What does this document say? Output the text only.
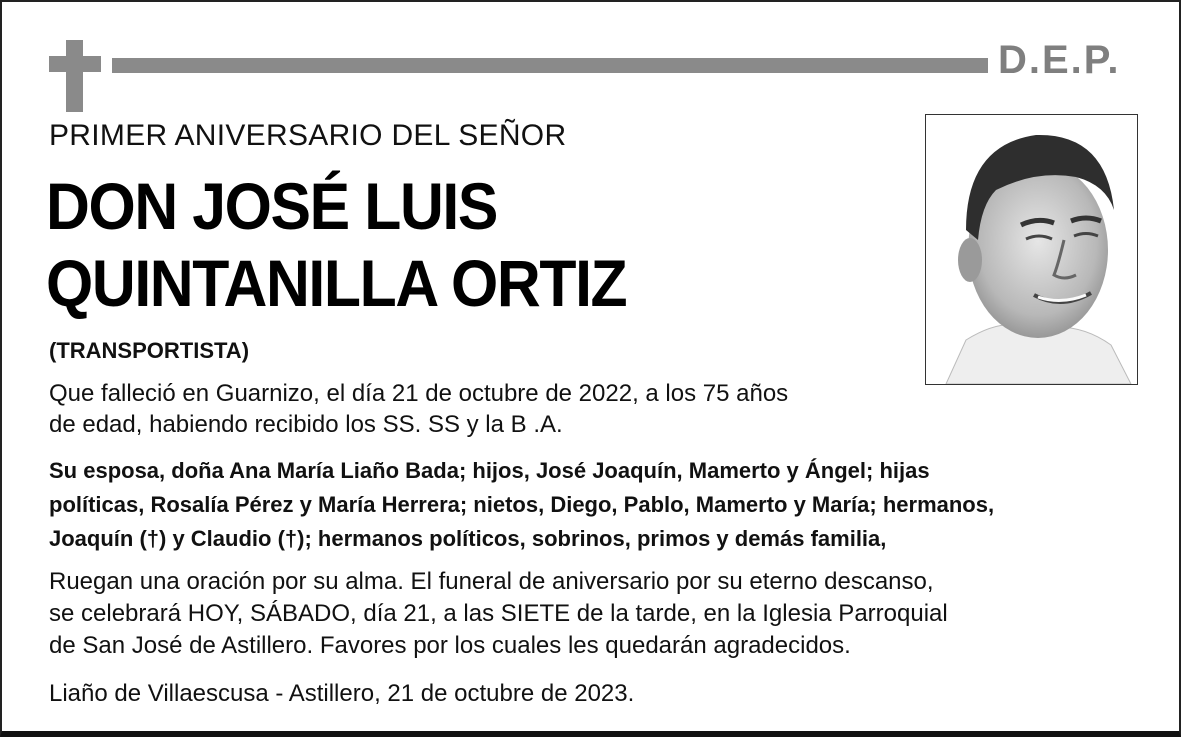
D.E.P.
PRIMER ANIVERSARIO DEL SEÑOR
DON JOSÉ LUIS
QUINTANILLA ORTIZ
(TRANSPORTISTA)
Que falleció en Guarnizo, el día 21 de octubre de 2022, a los 75 años
de edad, habiendo recibido los SS. SS y la B .A.
Su esposa, doña Ana María Liaño Bada; hijos, José Joaquín, Mamerto y Ángel; hijas
políticas, Rosalía Pérez y María Herrera; nietos, Diego, Pablo, Mamerto y María; hermanos,
Joaquín (†) y Claudio (†); hermanos políticos, sobrinos, primos y demás familia,
Ruegan una oración por su alma. El funeral de aniversario por su eterno descanso,
se celebrará HOY, SÁBADO, día 21, a las SIETE de la tarde, en la Iglesia Parroquial
de San José de Astillero. Favores por los cuales les quedarán agradecidos.
Liaño de Villaescusa - Astillero, 21 de octubre de 2023.
